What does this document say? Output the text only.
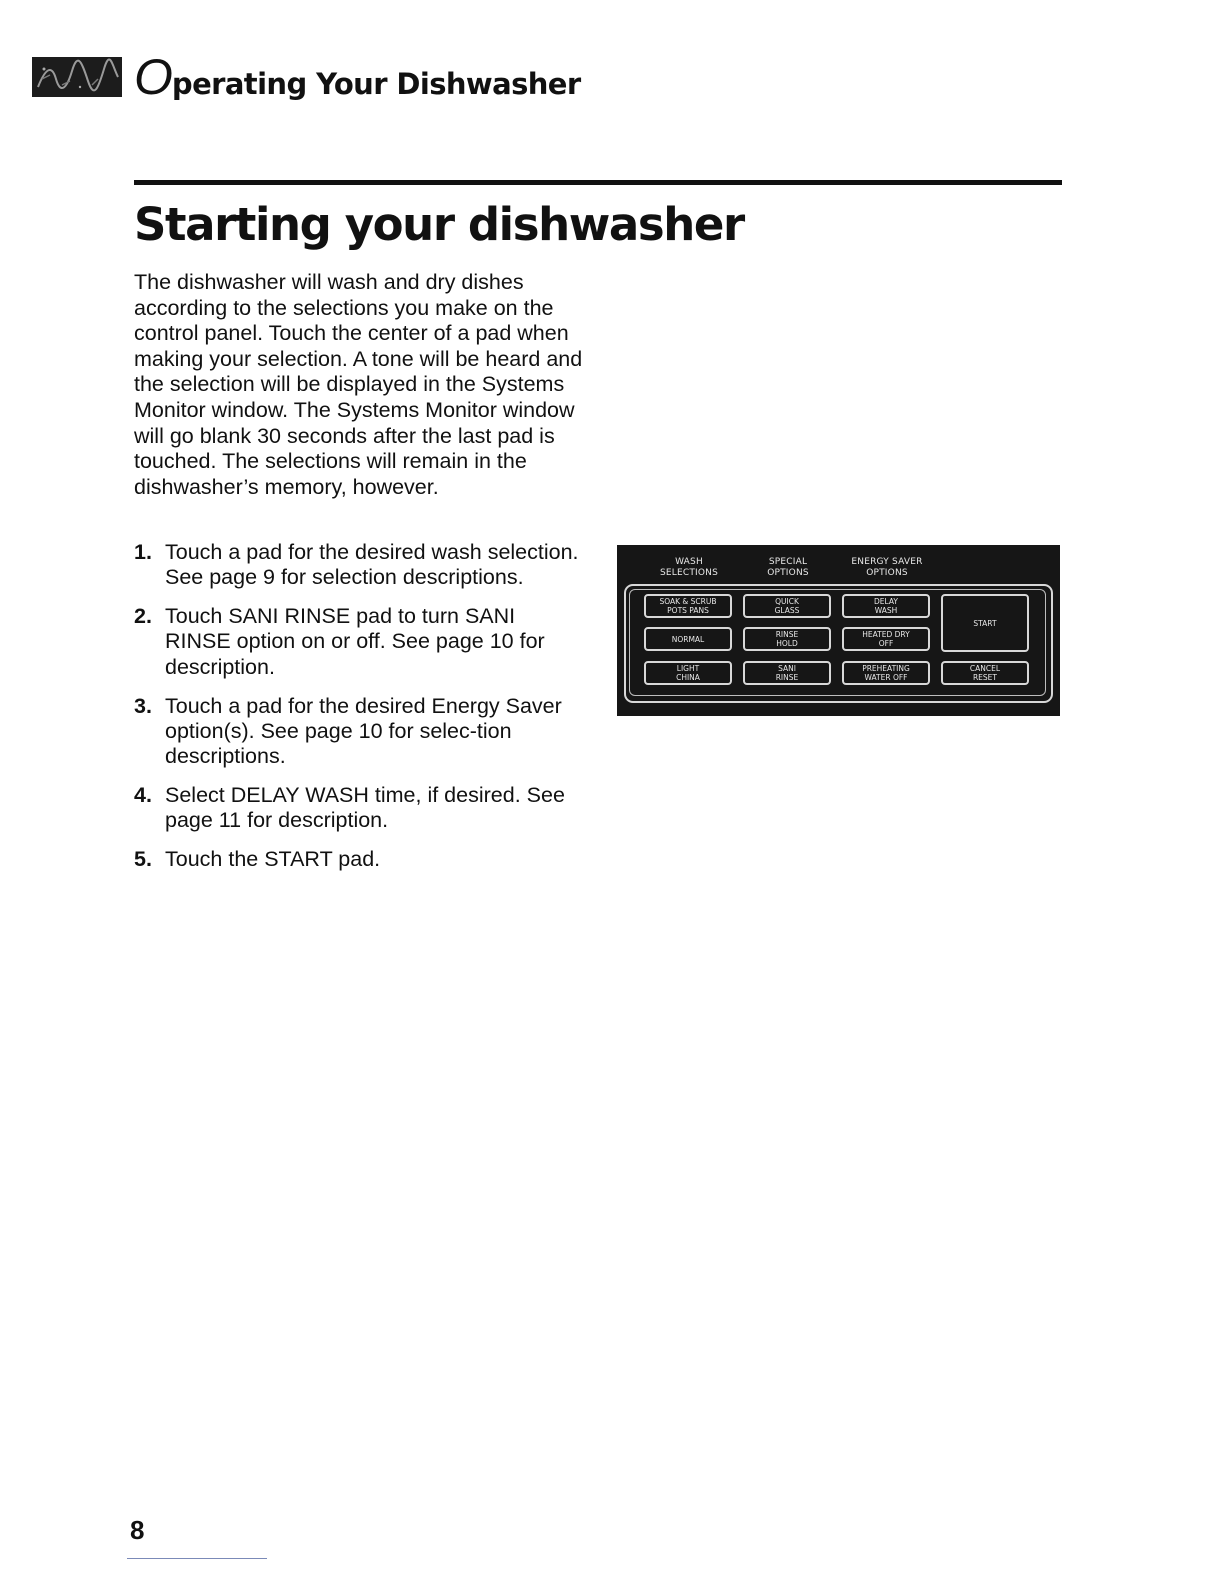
Operating Your Dishwasher
Starting your dishwasher

The dishwasher will wash and dry dishes according to the selections you make on the control panel. Touch the center of a pad when making your selection. A tone will be heard and the selection will be displayed in the Systems Monitor window. The Systems Monitor window will go blank 30 seconds after the last pad is touched. The selections will remain in the dishwasher’s memory, however.

1. Touch a pad for the desired wash selection. See page 9 for selection descriptions.
2. Touch SANI RINSE pad to turn SANI RINSE option on or off. See page 10 for description.
3. Touch a pad for the desired Energy Saver option(s). See page 10 for selec-tion descriptions.
4. Select DELAY WASH time, if desired. See page 11 for description.
5. Touch the START pad.
WASH
SELECTIONS
SPECIAL
OPTIONS
ENERGY SAVER
OPTIONS
SOAK & SCRUB
POTS PANS
NORMAL
LIGHT
CHINA
QUICK
GLASS
RINSE
HOLD
SANI
RINSE
DELAY
WASH
HEATED DRY
OFF
PREHEATING
WATER OFF
START
CANCEL
RESET
8
